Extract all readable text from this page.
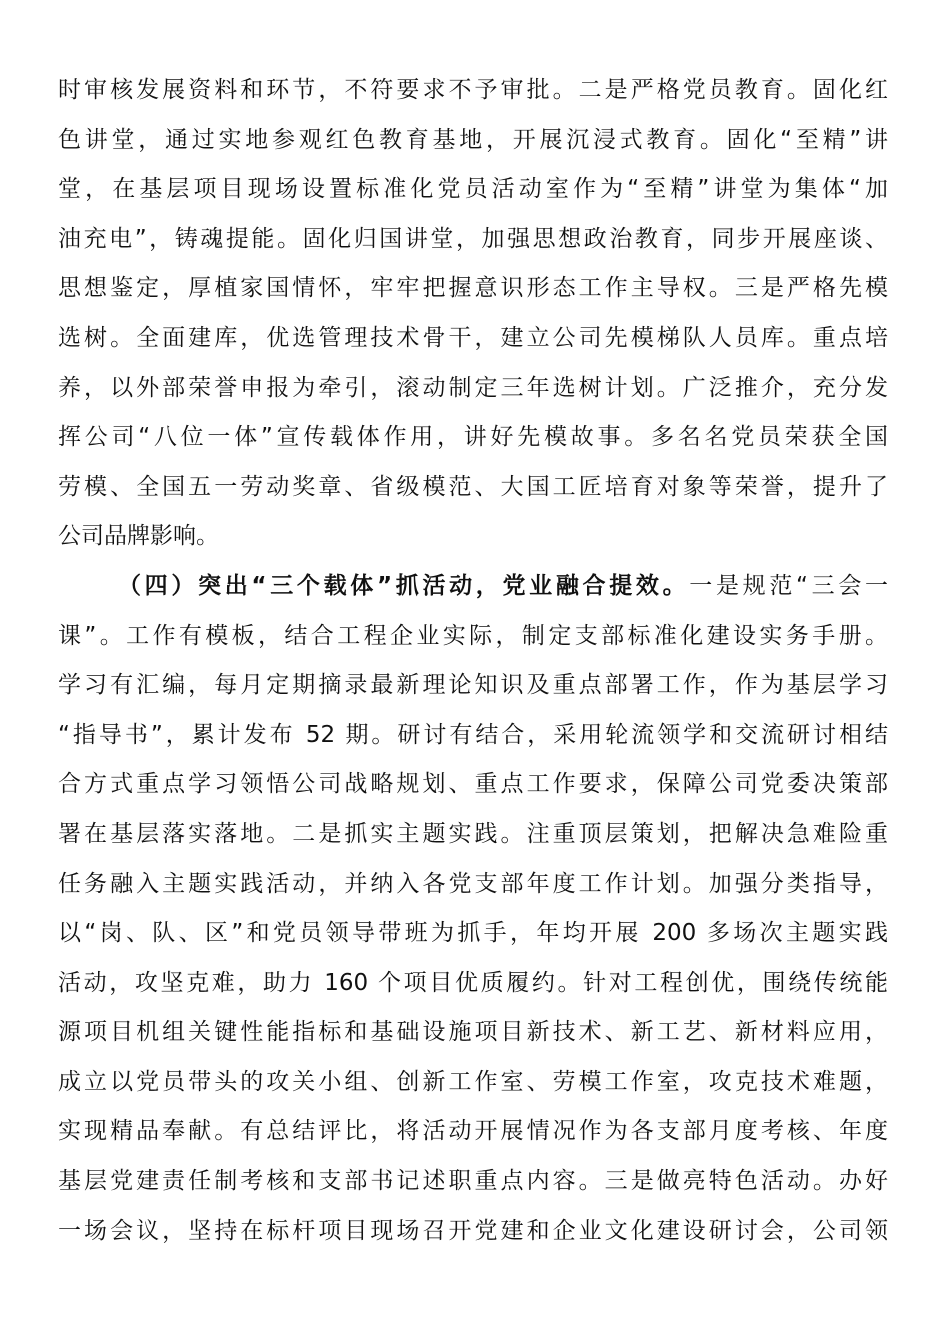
时审核发展资料和环节，不符要求不予审批。二是严格党员教育。固化红
色讲堂，通过实地参观红色教育基地，开展沉浸式教育。固化“至精”讲
堂，在基层项目现场设置标准化党员活动室作为“至精”讲堂为集体“加
油充电”，铸魂提能。固化归国讲堂，加强思想政治教育，同步开展座谈、
思想鉴定，厚植家国情怀，牢牢把握意识形态工作主导权。三是严格先模
选树。全面建库，优选管理技术骨干，建立公司先模梯队人员库。重点培
养，以外部荣誉申报为牵引，滚动制定三年选树计划。广泛推介，充分发
挥公司“八位一体”宣传载体作用，讲好先模故事。多名名党员荣获全国
劳模、全国五一劳动奖章、省级模范、大国工匠培育对象等荣誉，提升了
公司品牌影响。
（四）突出“三个载体”抓活动，党业融合提效。一是规范“三会一
课”。工作有模板，结合工程企业实际，制定支部标准化建设实务手册。
学习有汇编，每月定期摘录最新理论知识及重点部署工作，作为基层学习
“指导书”，累计发布 52 期。研讨有结合，采用轮流领学和交流研讨相结
合方式重点学习领悟公司战略规划、重点工作要求，保障公司党委决策部
署在基层落实落地。二是抓实主题实践。注重顶层策划，把解决急难险重
任务融入主题实践活动，并纳入各党支部年度工作计划。加强分类指导，
以“岗、队、区”和党员领导带班为抓手，年均开展 200 多场次主题实践
活动，攻坚克难，助力 160 个项目优质履约。针对工程创优，围绕传统能
源项目机组关键性能指标和基础设施项目新技术、新工艺、新材料应用，
成立以党员带头的攻关小组、创新工作室、劳模工作室，攻克技术难题，
实现精品奉献。有总结评比，将活动开展情况作为各支部月度考核、年度
基层党建责任制考核和支部书记述职重点内容。三是做亮特色活动。办好
一场会议，坚持在标杆项目现场召开党建和企业文化建设研讨会，公司领
